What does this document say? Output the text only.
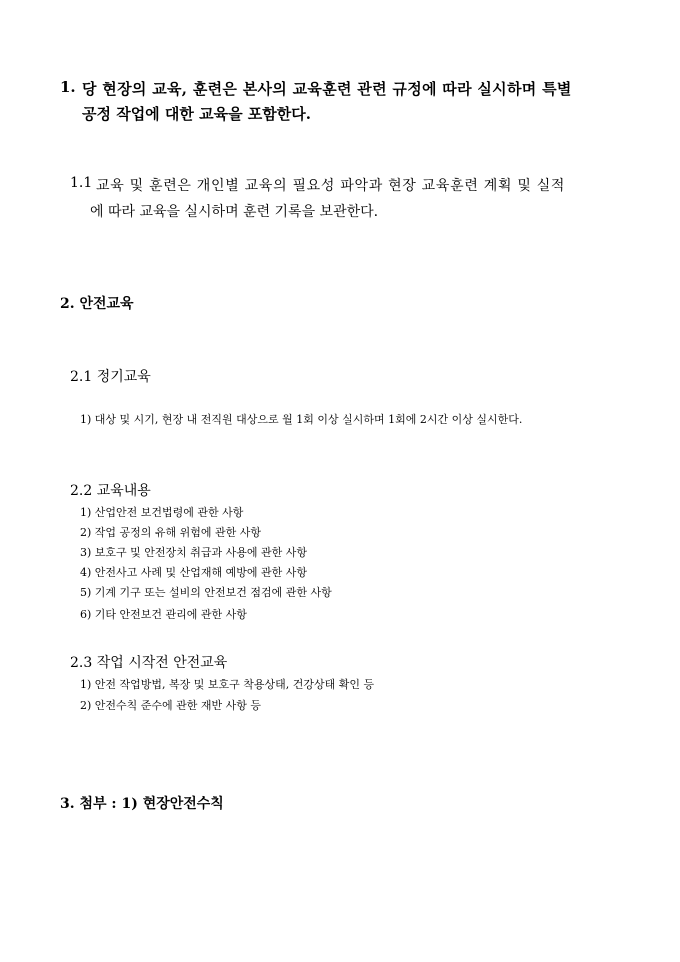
1. 당 현장의 교육, 훈련은 본사의 교육훈련 관련 규정에 따라 실시하며 특별
공정 작업에 대한 교육을 포함한다.
1.1 교육 및 훈련은 개인별 교육의 필요성 파악과 현장 교육훈련 계획 및 실적
에 따라 교육을 실시하며 훈련 기록을 보관한다.
2. 안전교육
2.1 정기교육
1) 대상 및 시기, 현장 내 전직원 대상으로 월 1회 이상 실시하며 1회에 2시간 이상 실시한다.
2.2 교육내용
1) 산업안전 보건법령에 관한 사항
2) 작업 공정의 유해 위험에 관한 사항
3) 보호구 및 안전장치 취급과 사용에 관한 사항
4) 안전사고 사례 및 산업재해 예방에 관한 사항
5) 기계 기구 또는 설비의 안전보건 점검에 관한 사항
6) 기타 안전보건 관리에 관한 사항
2.3 작업 시작전 안전교육
1) 안전 작업방법, 복장 및 보호구 착용상태, 건강상태 확인 등
2) 안전수칙 준수에 관한 재반 사항 등
3. 첨부 : 1) 현장안전수칙
